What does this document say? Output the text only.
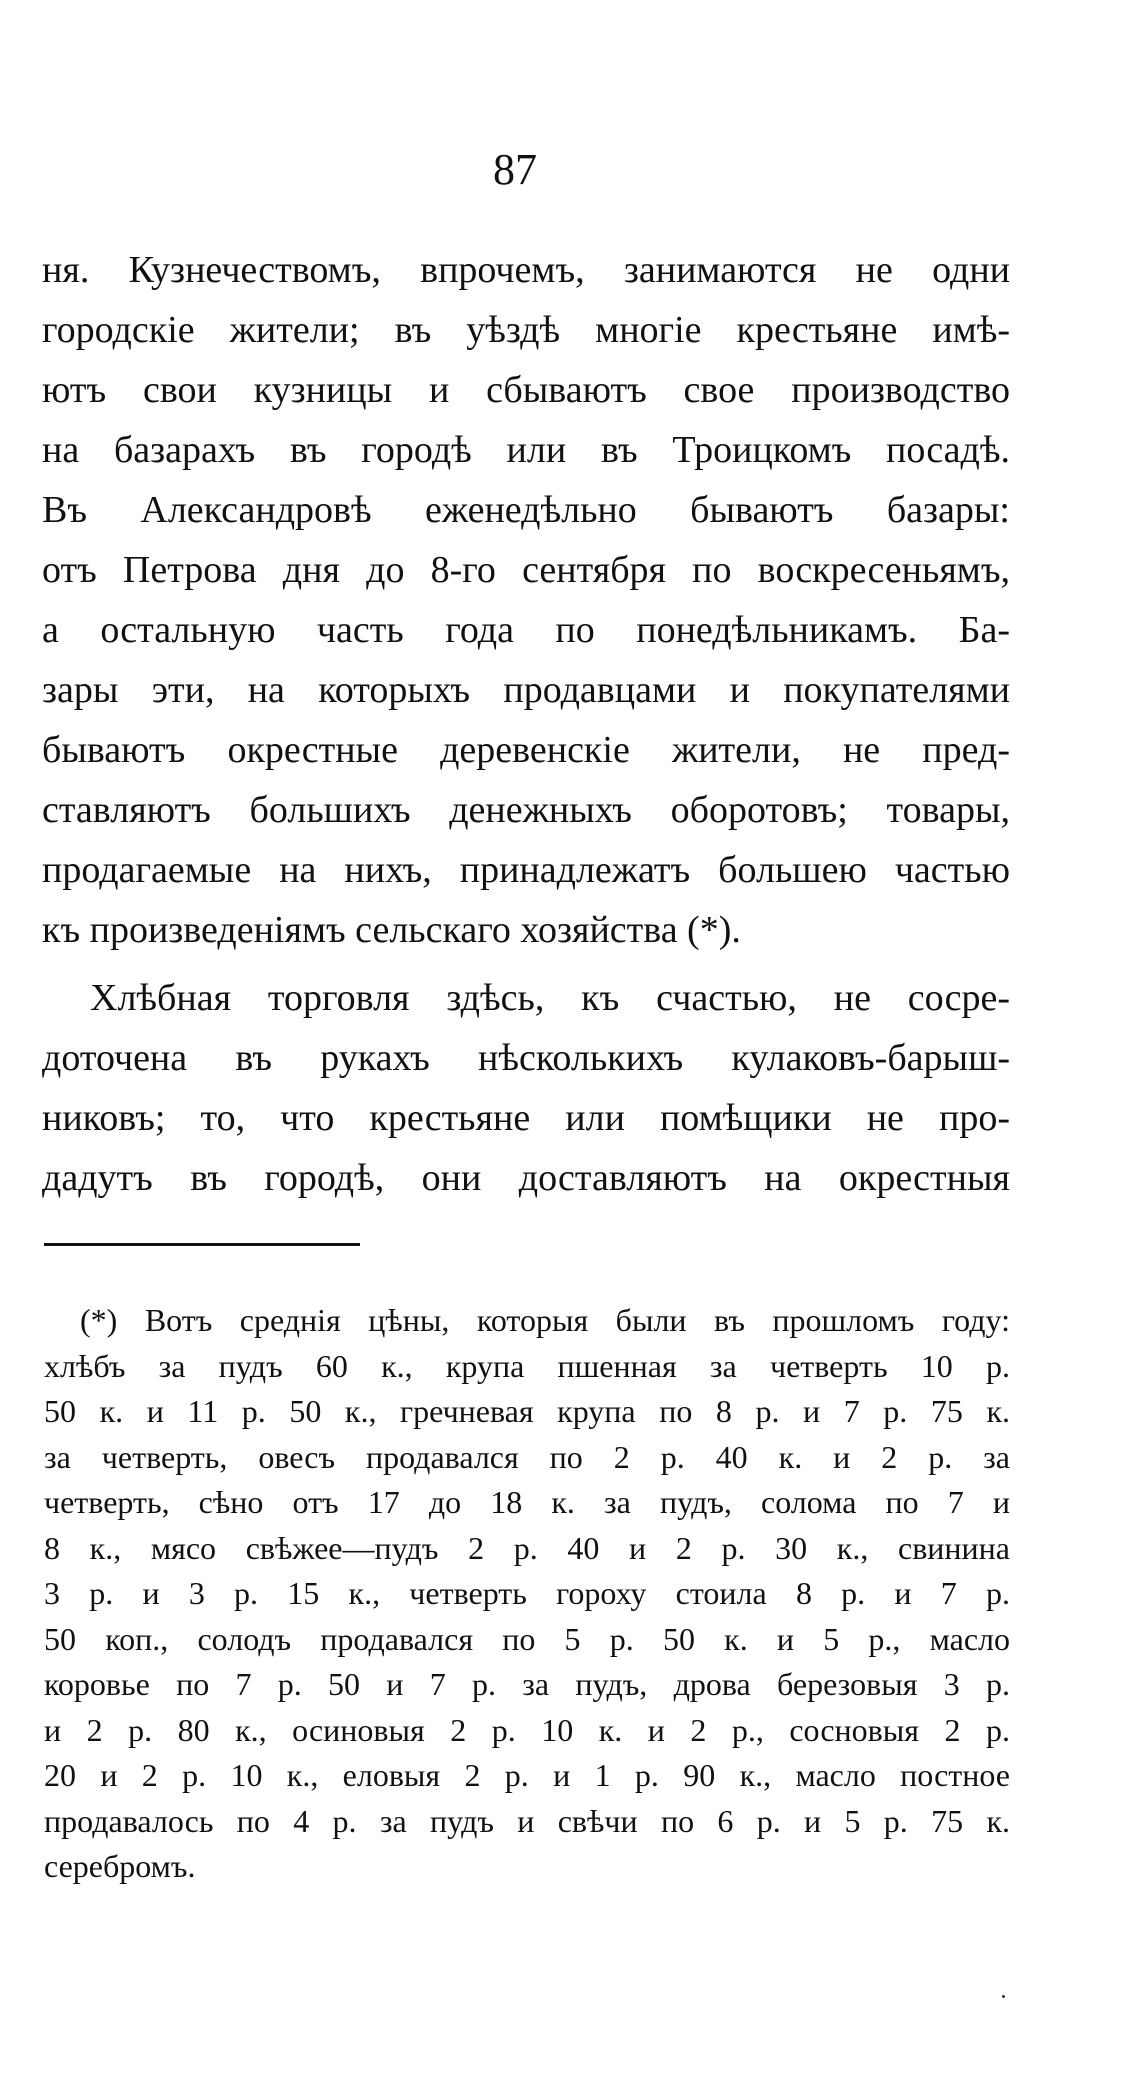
87
ня. Кузнечествомъ, впрочемъ, занимаются не одни
городскіе жители; въ уѣздѣ многіе крестьяне имѣ-
ютъ свои кузницы и сбываютъ свое производство
на базарахъ въ городѣ или въ Троицкомъ посадѣ.
Въ Александровѣ еженедѣльно бываютъ базары:
отъ Петрова дня до 8-го сентября по воскресеньямъ,
а остальную часть года по понедѣльникамъ. Ба-
зары эти, на которыхъ продавцами и покупателями
бываютъ окрестные деревенскіе жители, не пред-
ставляютъ большихъ денежныхъ оборотовъ; товары,
продагаемые на нихъ, принадлежатъ большею частью
къ произведеніямъ сельскаго хозяйства (*).
Хлѣбная торговля здѣсь, къ счастью, не сосре-
доточена въ рукахъ нѣсколькихъ кулаковъ-барыш-
никовъ; то, что крестьяне или помѣщики не про-
дадутъ въ городѣ, они доставляютъ на окрестныя
(*) Вотъ среднія цѣны, которыя были въ прошломъ году:
хлѣбъ за пудъ 60 к., крупа пшенная за четверть 10 р.
50 к. и 11 р. 50 к., гречневая крупа по 8 р. и 7 р. 75 к.
за четверть, овесъ продавался по 2 р. 40 к. и 2 р. за
четверть, сѣно отъ 17 до 18 к. за пудъ, солома по 7 и
8 к., мясо свѣжее—пудъ 2 р. 40 и 2 р. 30 к., свинина
3 р. и 3 р. 15 к., четверть гороху стоила 8 р. и 7 р.
50 коп., солодъ продавался по 5 р. 50 к. и 5 р., масло
коровье по 7 р. 50 и 7 р. за пудъ, дрова березовыя 3 р.
и 2 р. 80 к., осиновыя 2 р. 10 к. и 2 р., сосновыя 2 р.
20 и 2 р. 10 к., еловыя 2 р. и 1 р. 90 к., масло постное
продавалось по 4 р. за пудъ и свѣчи по 6 р. и 5 р. 75 к.
серебромъ.
